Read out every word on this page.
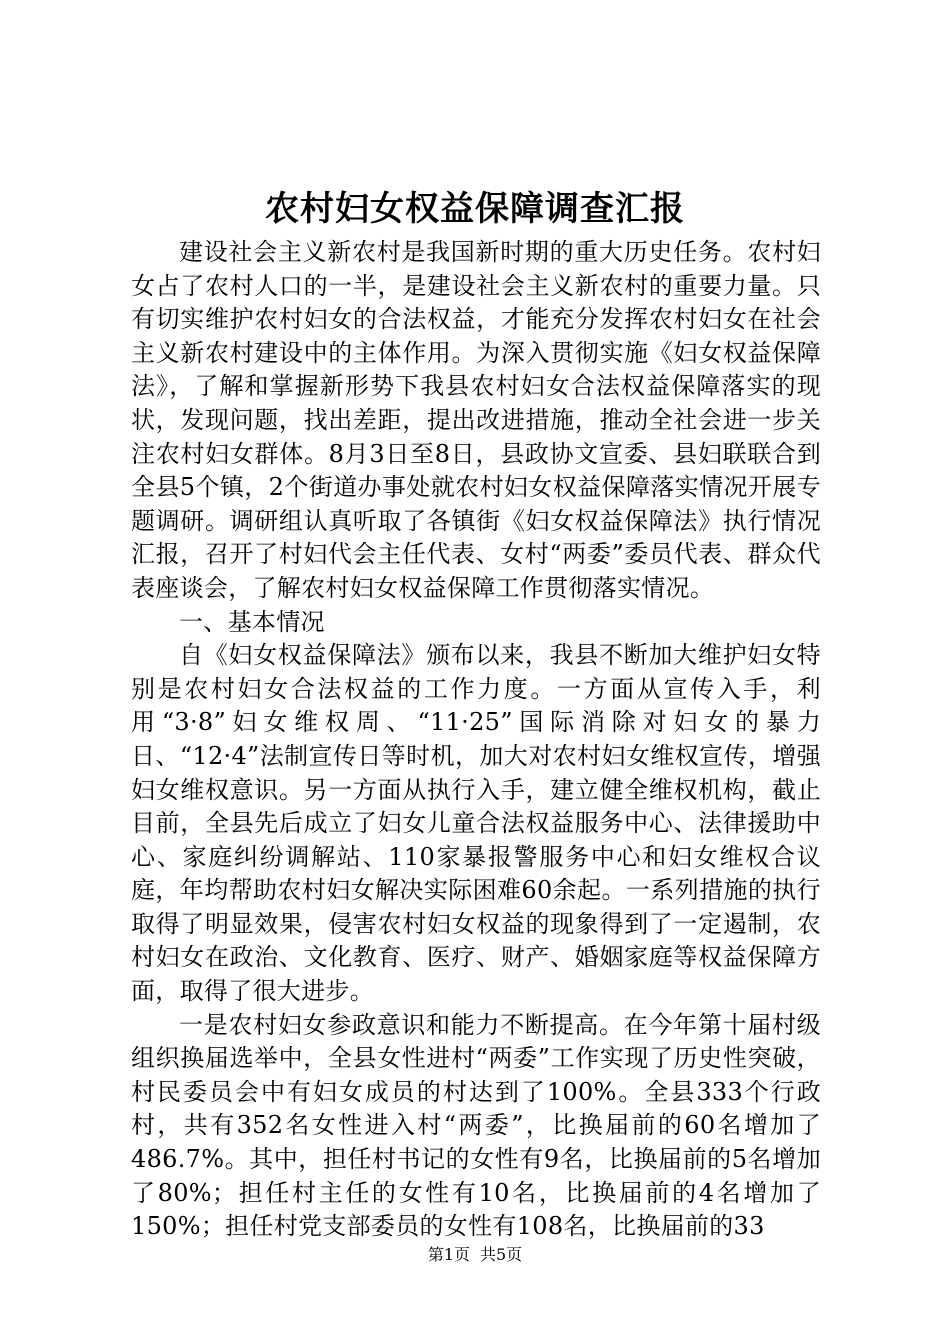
农村妇女权益保障调查汇报

建设社会主义新农村是我国新时期的重大历史任务。农村妇女占了农村人口的一半，是建设社会主义新农村的重要力量。只有切实维护农村妇女的合法权益，才能充分发挥农村妇女在社会主义新农村建设中的主体作用。为深入贯彻实施《妇女权益保障法》，了解和掌握新形势下我县农村妇女合法权益保障落实的现状，发现问题，找出差距，提出改进措施，推动全社会进一步关注农村妇女群体。8月3日至8日，县政协文宣委、县妇联联合到全县5个镇，2个街道办事处就农村妇女权益保障落实情况开展专题调研。调研组认真听取了各镇街《妇女权益保障法》执行情况汇报，召开了村妇代会主任代表、女村“两委”委员代表、群众代表座谈会，了解农村妇女权益保障工作贯彻落实情况。

一、基本情况

自《妇女权益保障法》颁布以来，我县不断加大维护妇女特别是农村妇女合法权益的工作力度。一方面从宣传入手，利用“3·8”妇女维权周、“11·25”国际消除对妇女的暴力日、“12·4”法制宣传日等时机，加大对农村妇女维权宣传，增强妇女维权意识。另一方面从执行入手，建立健全维权机构，截止目前，全县先后成立了妇女儿童合法权益服务中心、法律援助中心、家庭纠纷调解站、110家暴报警服务中心和妇女维权合议庭，年均帮助农村妇女解决实际困难60余起。一系列措施的执行取得了明显效果，侵害农村妇女权益的现象得到了一定遏制，农村妇女在政治、文化教育、医疗、财产、婚姻家庭等权益保障方面，取得了很大进步。

一是农村妇女参政意识和能力不断提高。在今年第十届村级组织换届选举中，全县女性进村“两委”工作实现了历史性突破，村民委员会中有妇女成员的村达到了100%。全县333个行政村，共有352名女性进入村“两委”，比换届前的60名增加了486.7%。其中，担任村书记的女性有9名，比换届前的5名增加了80%；担任村主任的女性有10名，比换届前的4名增加了150%；担任村党支部委员的女性有108名，比换届前的33

第1页 共5页
